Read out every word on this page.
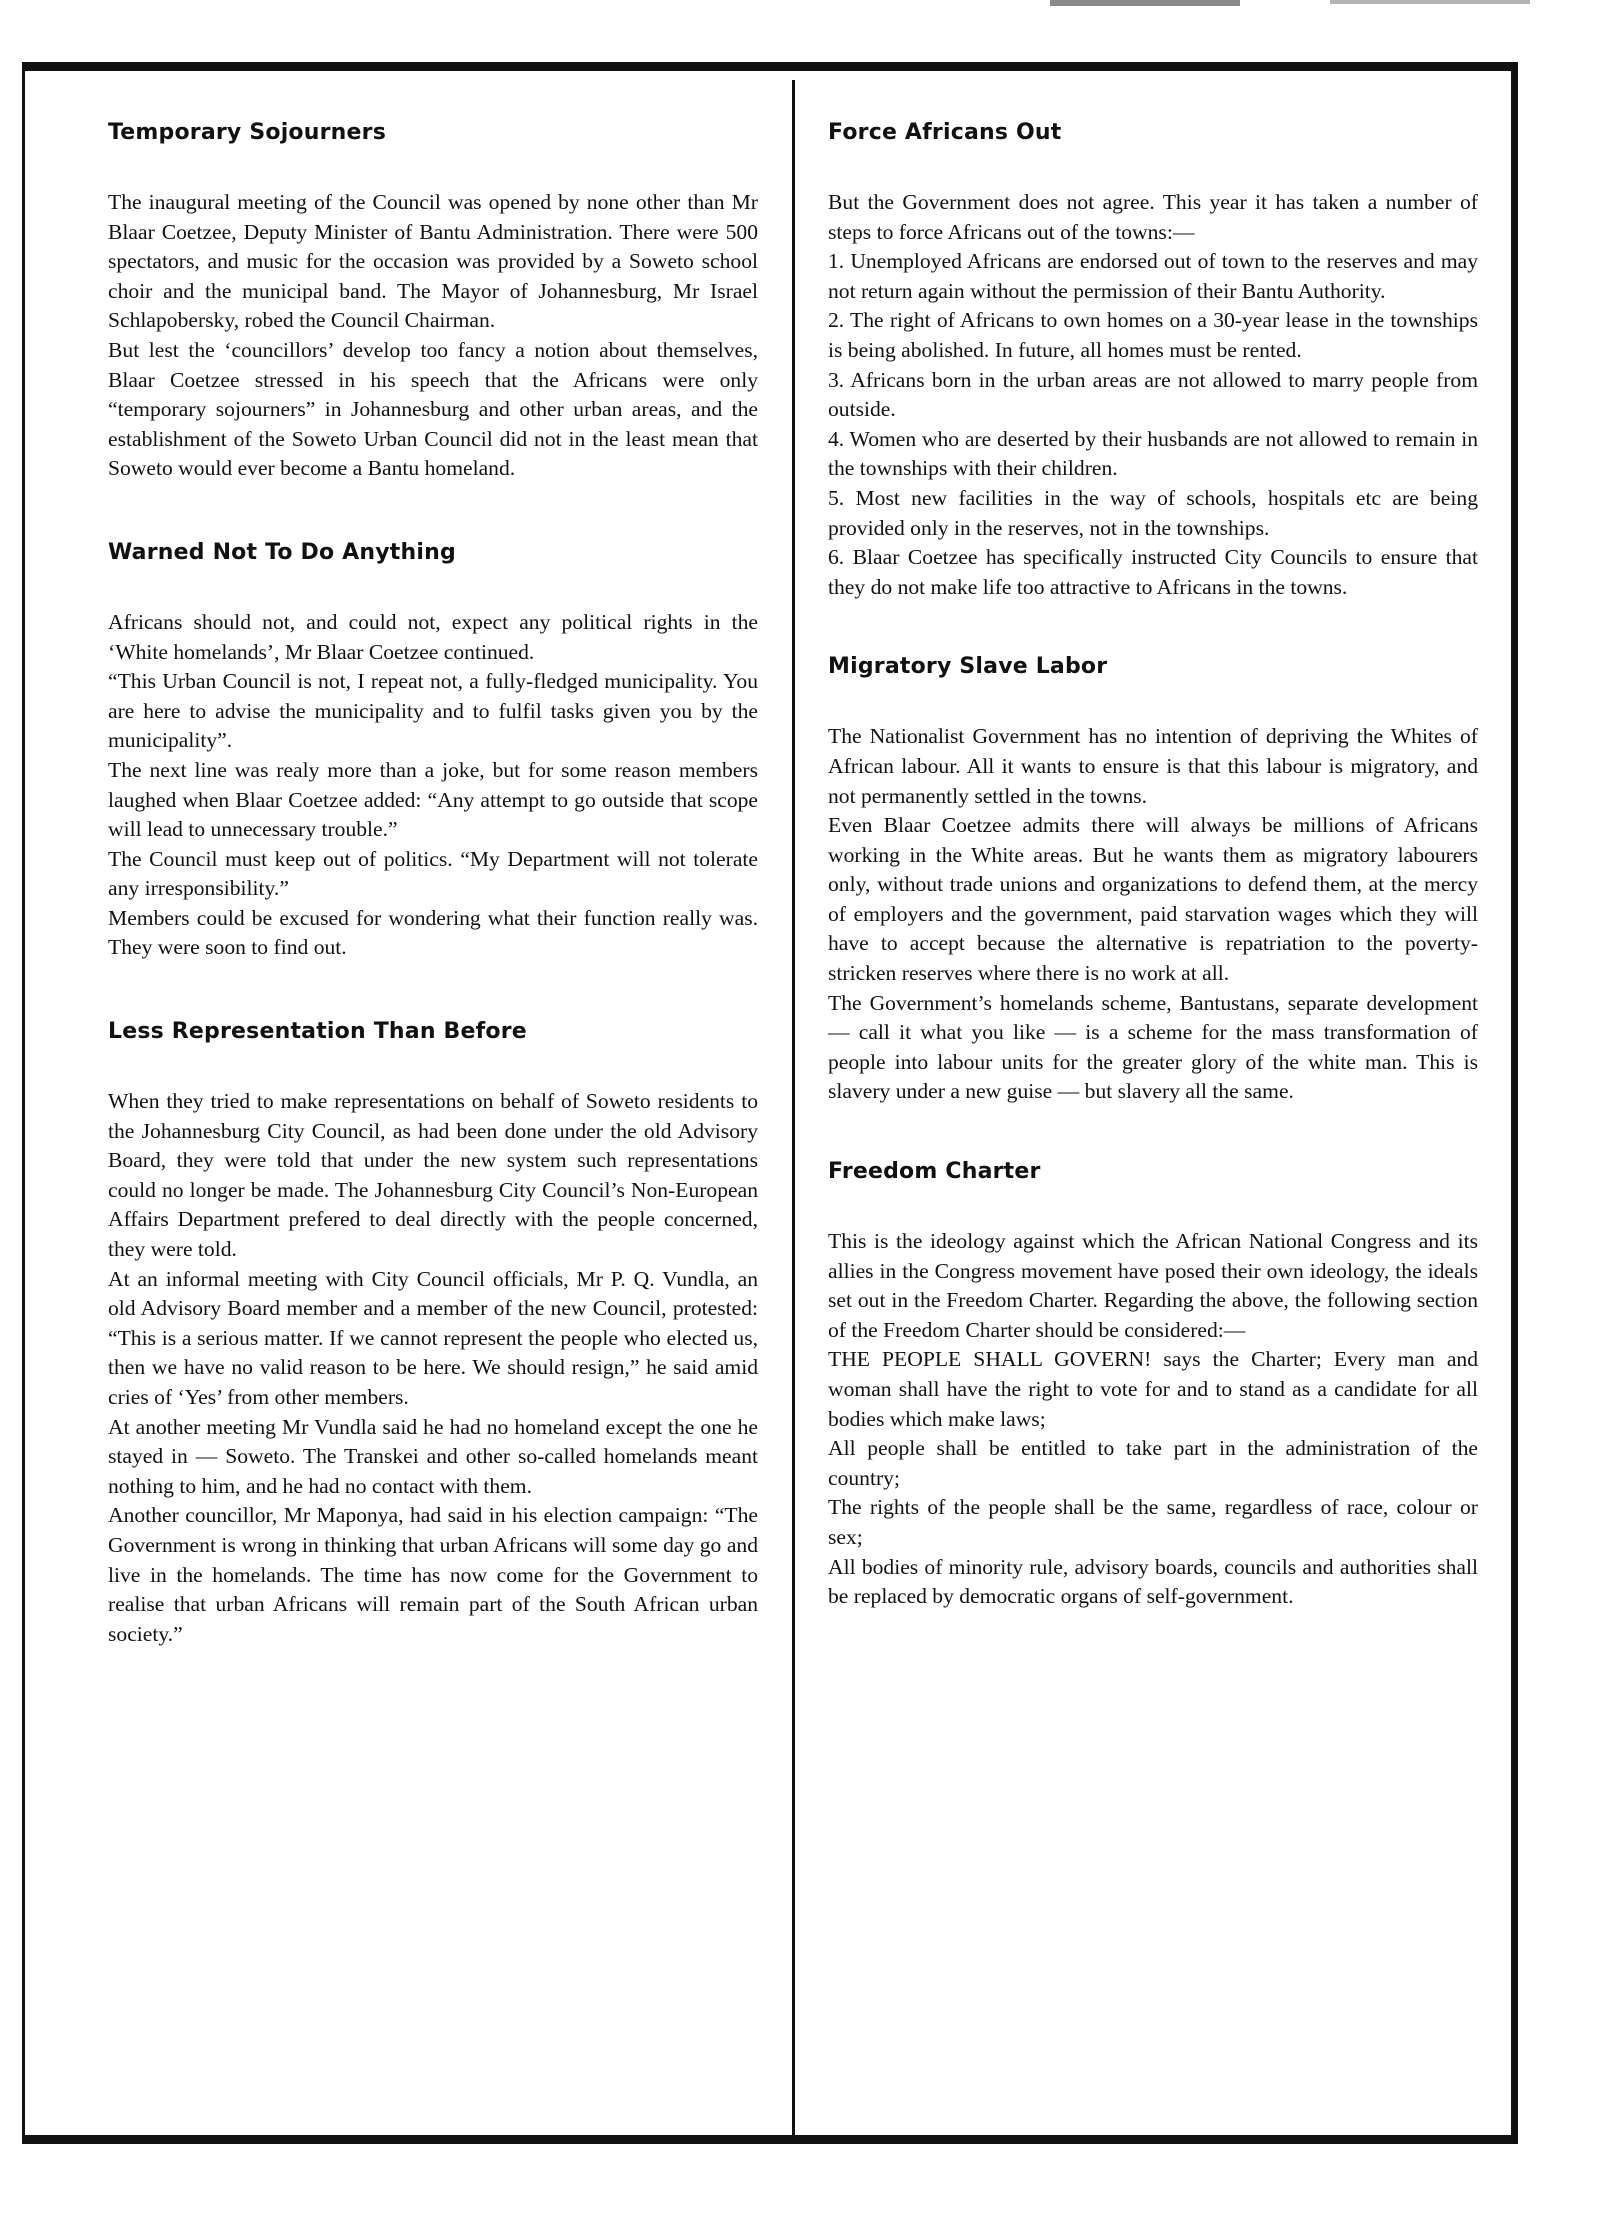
Temporary Sojourners

The inaugural meeting of the Council was opened by none other than Mr Blaar Coetzee, Deputy Minister of Bantu Administration. There were 500 spectators, and music for the occasion was provided by a Soweto school choir and the municipal band. The Mayor of Johannesburg, Mr Israel Schlapobersky, robed the Council Chairman.

But lest the ‘councillors’ develop too fancy a notion about themselves, Blaar Coetzee stressed in his speech that the Africans were only “temporary sojourners” in Johannesburg and other urban areas, and the establishment of the Soweto Urban Council did not in the least mean that Soweto would ever become a Bantu homeland.

Warned Not To Do Anything

Africans should not, and could not, expect any political rights in the ‘White homelands’, Mr Blaar Coetzee continued.

“This Urban Council is not, I repeat not, a fully-fledged municipality. You are here to advise the municipality and to fulfil tasks given you by the municipality”.

The next line was realy more than a joke, but for some reason members laughed when Blaar Coetzee added: “Any attempt to go outside that scope will lead to unnecessary trouble.”

The Council must keep out of politics. “My Department will not tolerate any irresponsibility.”

Members could be excused for wondering what their function really was. They were soon to find out.

Less Representation Than Before

When they tried to make representations on behalf of Soweto residents to the Johannesburg City Council, as had been done under the old Advisory Board, they were told that under the new system such representations could no longer be made. The Johannesburg City Council’s Non-European Affairs Department prefered to deal directly with the people concerned, they were told.

At an informal meeting with City Council officials, Mr P. Q. Vundla, an old Advisory Board member and a member of the new Council, protested: “This is a serious matter. If we cannot represent the people who elected us, then we have no valid reason to be here. We should resign,” he said amid cries of ‘Yes’ from other members.

At another meeting Mr Vundla said he had no homeland except the one he stayed in — Soweto. The Transkei and other so-called homelands meant nothing to him, and he had no contact with them.

Another councillor, Mr Maponya, had said in his election campaign: “The Government is wrong in thinking that urban Africans will some day go and live in the homelands. The time has now come for the Government to realise that urban Africans will remain part of the South African urban society.”

Force Africans Out

But the Government does not agree. This year it has taken a number of steps to force Africans out of the towns:—

1. Unemployed Africans are endorsed out of town to the reserves and may not return again without the permission of their Bantu Authority.

2. The right of Africans to own homes on a 30-year lease in the townships is being abolished. In future, all homes must be rented.

3. Africans born in the urban areas are not allowed to marry people from outside.

4. Women who are deserted by their husbands are not allowed to remain in the townships with their children.

5. Most new facilities in the way of schools, hospitals etc are being provided only in the reserves, not in the townships.

6. Blaar Coetzee has specifically instructed City Councils to ensure that they do not make life too attractive to Africans in the towns.

Migratory Slave Labor

The Nationalist Government has no intention of depriving the Whites of African labour. All it wants to ensure is that this labour is migratory, and not permanently settled in the towns.

Even Blaar Coetzee admits there will always be millions of Africans working in the White areas. But he wants them as migratory labourers only, without trade unions and organizations to defend them, at the mercy of employers and the government, paid starvation wages which they will have to accept because the alternative is repatriation to the poverty-stricken reserves where there is no work at all.

The Government’s homelands scheme, Bantustans, separate development — call it what you like — is a scheme for the mass transformation of people into labour units for the greater glory of the white man. This is slavery under a new guise — but slavery all the same.

Freedom Charter

This is the ideology against which the African National Congress and its allies in the Congress movement have posed their own ideology, the ideals set out in the Freedom Charter. Regarding the above, the following section of the Freedom Charter should be considered:—

THE PEOPLE SHALL GOVERN! says the Charter; Every man and woman shall have the right to vote for and to stand as a candidate for all bodies which make laws;

All people shall be entitled to take part in the administration of the country;

The rights of the people shall be the same, regardless of race, colour or sex;

All bodies of minority rule, advisory boards, councils and authorities shall be replaced by democratic organs of self-government.
